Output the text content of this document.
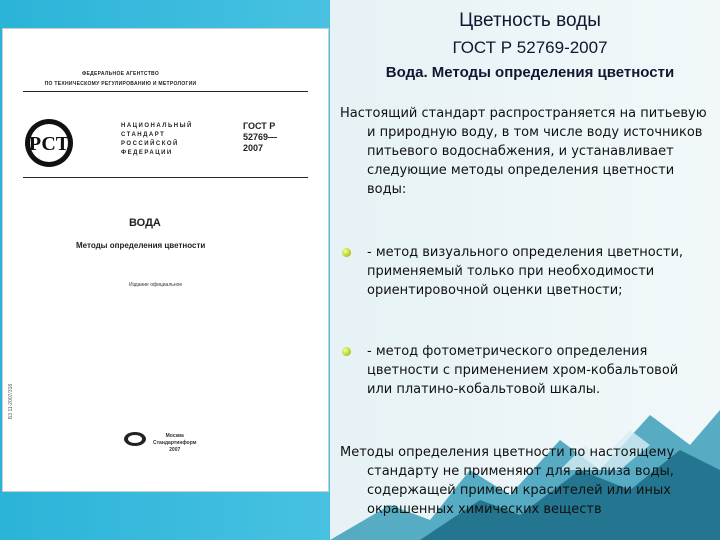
ФЕДЕРАЛЬНОЕ АГЕНТСТВО
ПО ТЕХНИЧЕСКОМУ РЕГУЛИРОВАНИЮ И МЕТРОЛОГИИ
РСТ
НАЦИОНАЛЬНЫЙ
СТАНДАРТ
РОССИЙСКОЙ
ФЕДЕРАЦИИ
ГОСТ Р
52769—
2007
ВОДА
Методы определения цветности
Издание официальное
Б3 11-2007/318
Москва
Стандартинформ
2007
Цветность воды
ГОСТ Р 52769-2007
Вода. Методы определения цветности
Настоящий стандарт распространяется на питьевую и природную воду, в том числе воду источников питьевого водоснабжения, и устанавливает следующие методы определения цветности воды:
- метод визуального определения цветности, применяемый только при необходимости ориентировочной оценки цветности;
- метод фотометрического определения цветности с применением хром-кобальтовой или платино-кобальтовой шкалы.
Методы определения цветности по настоящему стандарту не применяют для анализа воды, содержащей примеси красителей или иных окрашенных химических веществ
